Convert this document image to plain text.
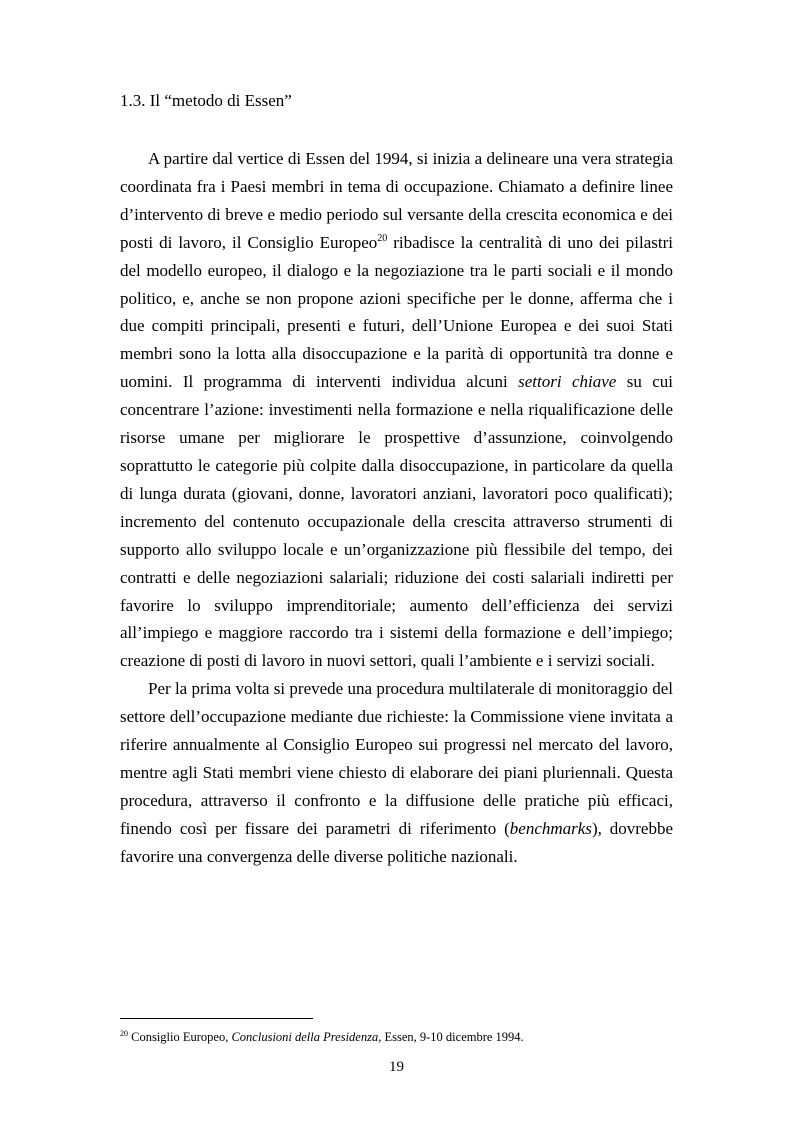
1.3. Il “metodo di Essen”

A partire dal vertice di Essen del 1994, si inizia a delineare una vera strategia coordinata fra i Paesi membri in tema di occupazione. Chiamato a definire linee d’intervento di breve e medio periodo sul versante della crescita economica e dei posti di lavoro, il Consiglio Europeo$^{20}$ ribadisce la centralità di uno dei pilastri del modello europeo, il dialogo e la negoziazione tra le parti sociali e il mondo politico, e, anche se non propone azioni specifiche per le donne, afferma che i due compiti principali, presenti e futuri, dell’Unione Europea e dei suoi Stati membri sono la lotta alla disoccupazione e la parità di opportunità tra donne e uomini. Il programma di interventi individua alcuni settori chiave su cui concentrare l’azione: investimenti nella formazione e nella riqualificazione delle risorse umane per migliorare le prospettive d’assunzione, coinvolgendo soprattutto le categorie più colpite dalla disoccupazione, in particolare da quella di lunga durata (giovani, donne, lavoratori anziani, lavoratori poco qualificati); incremento del contenuto occupazionale della crescita attraverso strumenti di supporto allo sviluppo locale e un’organizzazione più flessibile del tempo, dei contratti e delle negoziazioni salariali; riduzione dei costi salariali indiretti per favorire lo sviluppo imprenditoriale; aumento dell’efficienza dei servizi all’impiego e maggiore raccordo tra i sistemi della formazione e dell’impiego; creazione di posti di lavoro in nuovi settori, quali l’ambiente e i servizi sociali.

Per la prima volta si prevede una procedura multilaterale di monitoraggio del settore dell’occupazione mediante due richieste: la Commissione viene invitata a riferire annualmente al Consiglio Europeo sui progressi nel mercato del lavoro, mentre agli Stati membri viene chiesto di elaborare dei piani pluriennali. Questa procedura, attraverso il confronto e la diffusione delle pratiche più efficaci, finendo così per fissare dei parametri di riferimento (benchmarks), dovrebbe favorire una convergenza delle diverse politiche nazionali.

$^{20}$ Consiglio Europeo, Conclusioni della Presidenza, Essen, 9-10 dicembre 1994.

19
